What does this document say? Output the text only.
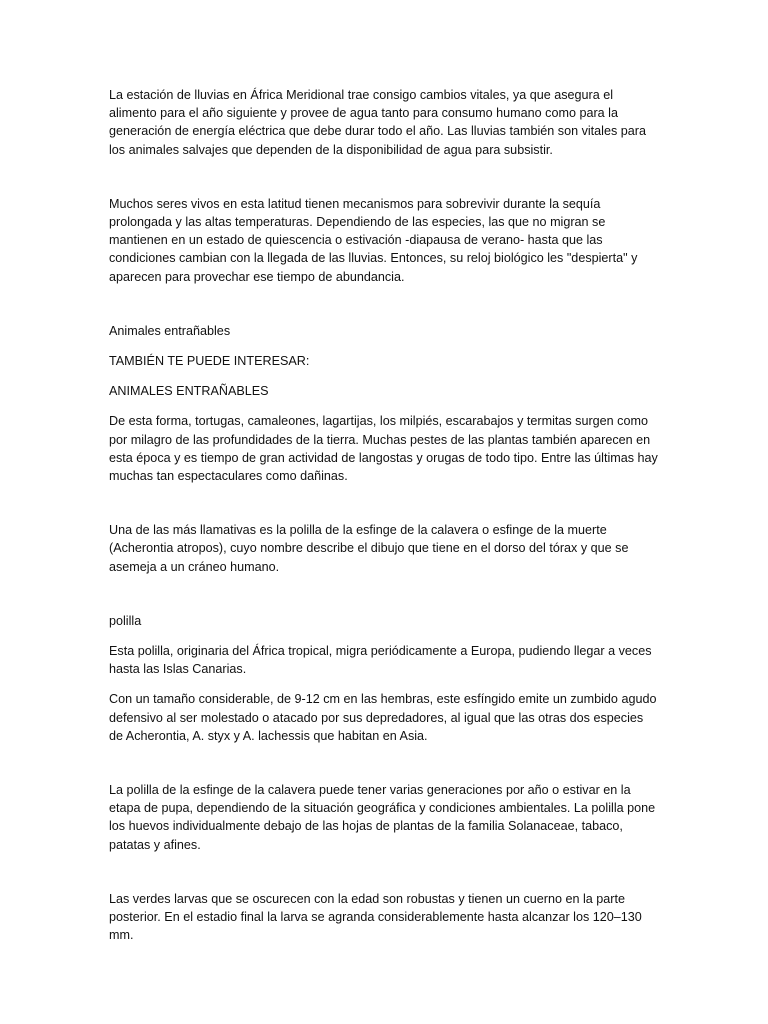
La estación de lluvias en África Meridional trae consigo cambios vitales, ya que asegura el alimento para el año siguiente y provee de agua tanto para consumo humano como para la generación de energía eléctrica que debe durar todo el año. Las lluvias también son vitales para los animales salvajes que dependen de la disponibilidad de agua para subsistir.

Muchos seres vivos en esta latitud tienen mecanismos para sobrevivir durante la sequía prolongada y las altas temperaturas. Dependiendo de las especies, las que no migran se mantienen en un estado de quiescencia o estivación -diapausa de verano- hasta que las condiciones cambian con la llegada de las lluvias. Entonces, su reloj biológico les "despierta" y aparecen para provechar ese tiempo de abundancia.

Animales entrañables

TAMBIÉN TE PUEDE INTERESAR:

ANIMALES ENTRAÑABLES

De esta forma, tortugas, camaleones, lagartijas, los milpiés, escarabajos y termitas surgen como por milagro de las profundidades de la tierra. Muchas pestes de las plantas también aparecen en esta época y es tiempo de gran actividad de langostas y orugas de todo tipo. Entre las últimas hay muchas tan espectaculares como dañinas.

Una de las más llamativas es la polilla de la esfinge de la calavera o esfinge de la muerte (Acherontia atropos), cuyo nombre describe el dibujo que tiene en el dorso del tórax y que se asemeja a un cráneo humano.

polilla

Esta polilla, originaria del África tropical, migra periódicamente a Europa, pudiendo llegar a veces hasta las Islas Canarias.

Con un tamaño considerable, de 9-12 cm en las hembras, este esfíngido emite un zumbido agudo defensivo al ser molestado o atacado por sus depredadores, al igual que las otras dos especies de Acherontia, A. styx y A. lachessis que habitan en Asia.

La polilla de la esfinge de la calavera puede tener varias generaciones por año o estivar en la etapa de pupa, dependiendo de la situación geográfica y condiciones ambientales. La polilla pone los huevos individualmente debajo de las hojas de plantas de la familia Solanaceae, tabaco, patatas y afines.

Las verdes larvas que se oscurecen con la edad son robustas y tienen un cuerno en la parte posterior. En el estadio final la larva se agranda considerablemente hasta alcanzar los 120–130 mm.
